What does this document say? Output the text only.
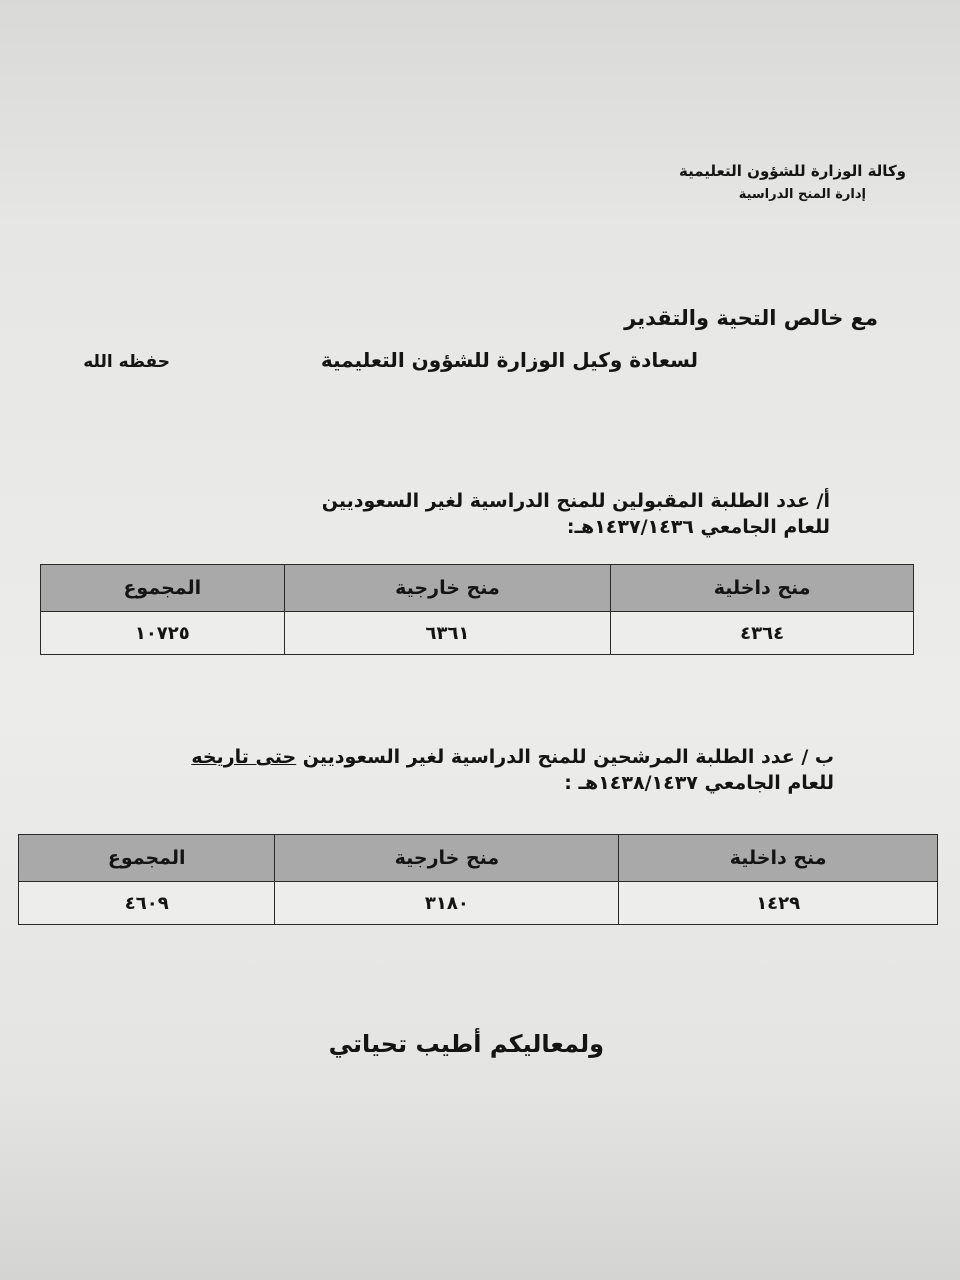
وكالة الوزارة للشؤون التعليمية
إدارة المنح الدراسية
مع خالص التحية والتقدير
لسعادة وكيل الوزارة للشؤون التعليمية
حفظه الله
أ/ عدد الطلبة المقبولين للمنح الدراسية لغير السعوديين
للعام الجامعي ١٤٣٧/١٤٣٦هـ:
منح داخلية	منح خارجية	المجموع
٤٣٦٤	٦٣٦١	١٠٧٢٥
ب / عدد الطلبة المرشحين للمنح الدراسية لغير السعوديين حتى تاريخه
للعام الجامعي ١٤٣٨/١٤٣٧هـ :
منح داخلية	منح خارجية	المجموع
١٤٢٩	٣١٨٠	٤٦٠٩
ولمعاليكم أطيب تحياتي
